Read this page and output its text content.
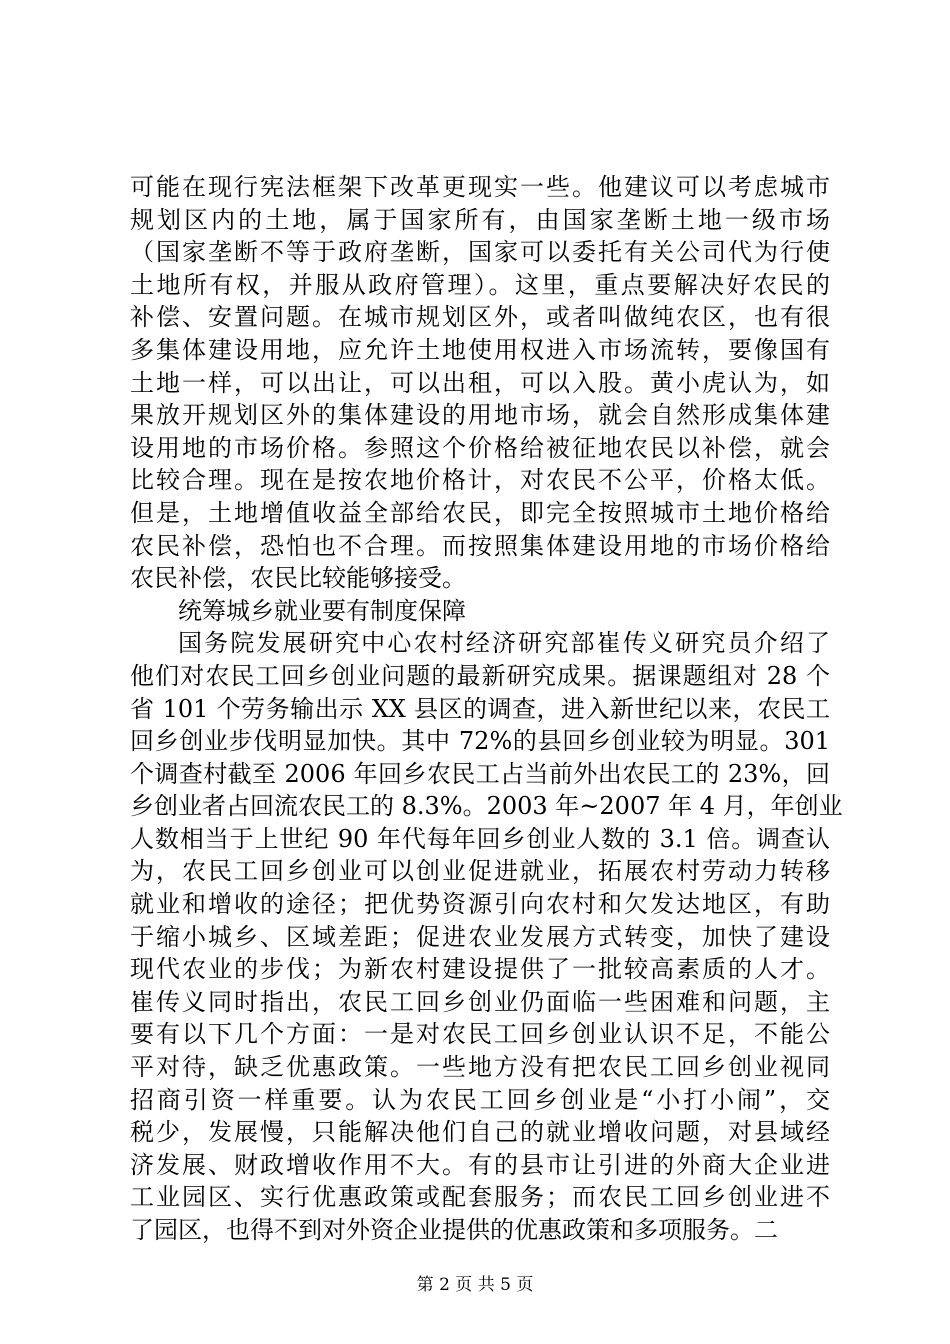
可能在现行宪法框架下改革更现实一些。他建议可以考虑城市
规划区内的土地，属于国家所有，由国家垄断土地一级市场
（国家垄断不等于政府垄断，国家可以委托有关公司代为行使
土地所有权，并服从政府管理）。这里，重点要解决好农民的
补偿、安置问题。在城市规划区外，或者叫做纯农区，也有很
多集体建设用地，应允许土地使用权进入市场流转，要像国有
土地一样，可以出让，可以出租，可以入股。黄小虎认为，如
果放开规划区外的集体建设的用地市场，就会自然形成集体建
设用地的市场价格。参照这个价格给被征地农民以补偿，就会
比较合理。现在是按农地价格计，对农民不公平，价格太低。
但是，土地增值收益全部给农民，即完全按照城市土地价格给
农民补偿，恐怕也不合理。而按照集体建设用地的市场价格给
农民补偿，农民比较能够接受。
统筹城乡就业要有制度保障
国务院发展研究中心农村经济研究部崔传义研究员介绍了
他们对农民工回乡创业问题的最新研究成果。据课题组对 28 个
省 101 个劳务输出示 XX 县区的调查，进入新世纪以来，农民工
回乡创业步伐明显加快。其中 72%的县回乡创业较为明显。301
个调查村截至 2006 年回乡农民工占当前外出农民工的 23%，回
乡创业者占回流农民工的 8.3%。2003 年~2007 年 4 月，年创业
人数相当于上世纪 90 年代每年回乡创业人数的 3.1 倍。调查认
为，农民工回乡创业可以创业促进就业，拓展农村劳动力转移
就业和增收的途径；把优势资源引向农村和欠发达地区，有助
于缩小城乡、区域差距；促进农业发展方式转变，加快了建设
现代农业的步伐；为新农村建设提供了一批较高素质的人才。
崔传义同时指出，农民工回乡创业仍面临一些困难和问题，主
要有以下几个方面：一是对农民工回乡创业认识不足，不能公
平对待，缺乏优惠政策。一些地方没有把农民工回乡创业视同
招商引资一样重要。认为农民工回乡创业是“小打小闹”，交
税少，发展慢，只能解决他们自己的就业增收问题，对县域经
济发展、财政增收作用不大。有的县市让引进的外商大企业进
工业园区、实行优惠政策或配套服务；而农民工回乡创业进不
了园区，也得不到对外资企业提供的优惠政策和多项服务。二
第 2 页 共 5 页
